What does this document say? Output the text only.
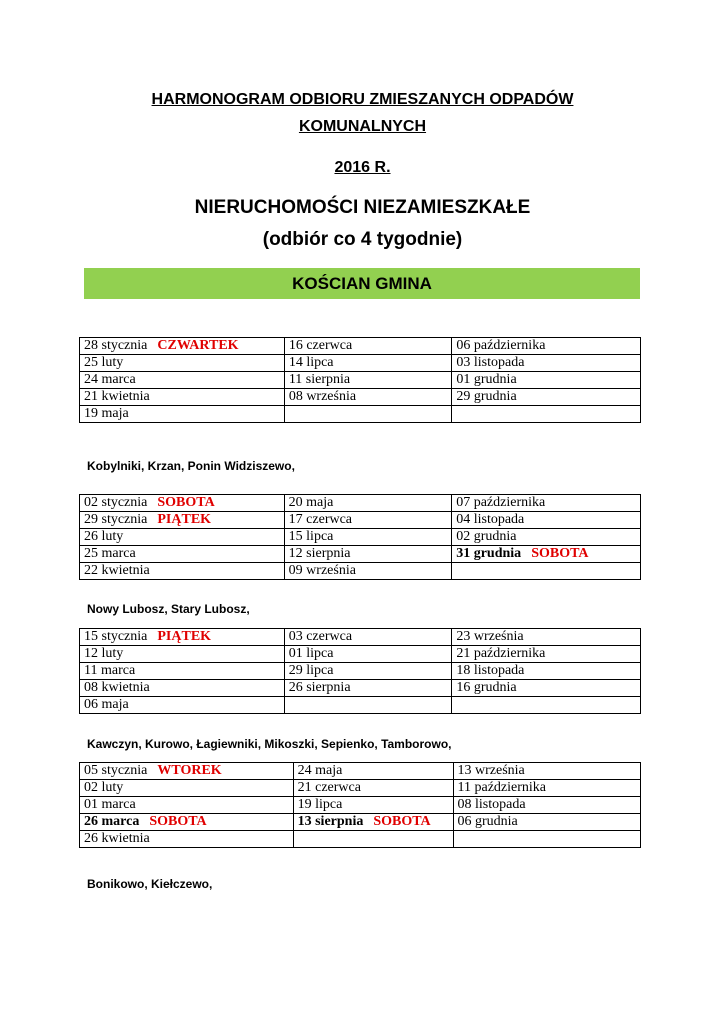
HARMONOGRAM ODBIORU ZMIESZANYCH ODPADÓW
KOMUNALNYCH
2016 R.
NIERUCHOMOŚCI NIEZAMIESZKAŁE
(odbiór co 4 tygodnie)
KOŚCIAN GMINA
28 stycznia CZWARTEK	16 czerwca	06 października
25 luty	14 lipca	03 listopada
24 marca	11 sierpnia	01 grudnia
21 kwietnia	08 września	29 grudnia
19 maja		
Kobylniki, Krzan, Ponin Widziszewo,
02 stycznia SOBOTA	20 maja	07 października
29 stycznia PIĄTEK	17 czerwca	04 listopada
26 luty	15 lipca	02 grudnia
25 marca	12 sierpnia	31 grudnia SOBOTA
22 kwietnia	09 września	
Nowy Lubosz, Stary Lubosz,
15 stycznia PIĄTEK	03 czerwca	23 września
12 luty	01 lipca	21 października
11 marca	29 lipca	18 listopada
08 kwietnia	26 sierpnia	16 grudnia
06 maja		
Kawczyn, Kurowo, Łagiewniki, Mikoszki, Sepienko, Tamborowo,
05 stycznia WTOREK	24 maja	13 września
02 luty	21 czerwca	11 października
01 marca	19 lipca	08 listopada
26 marca SOBOTA	13 sierpnia SOBOTA	06 grudnia
26 kwietnia		
Bonikowo, Kiełczewo,
